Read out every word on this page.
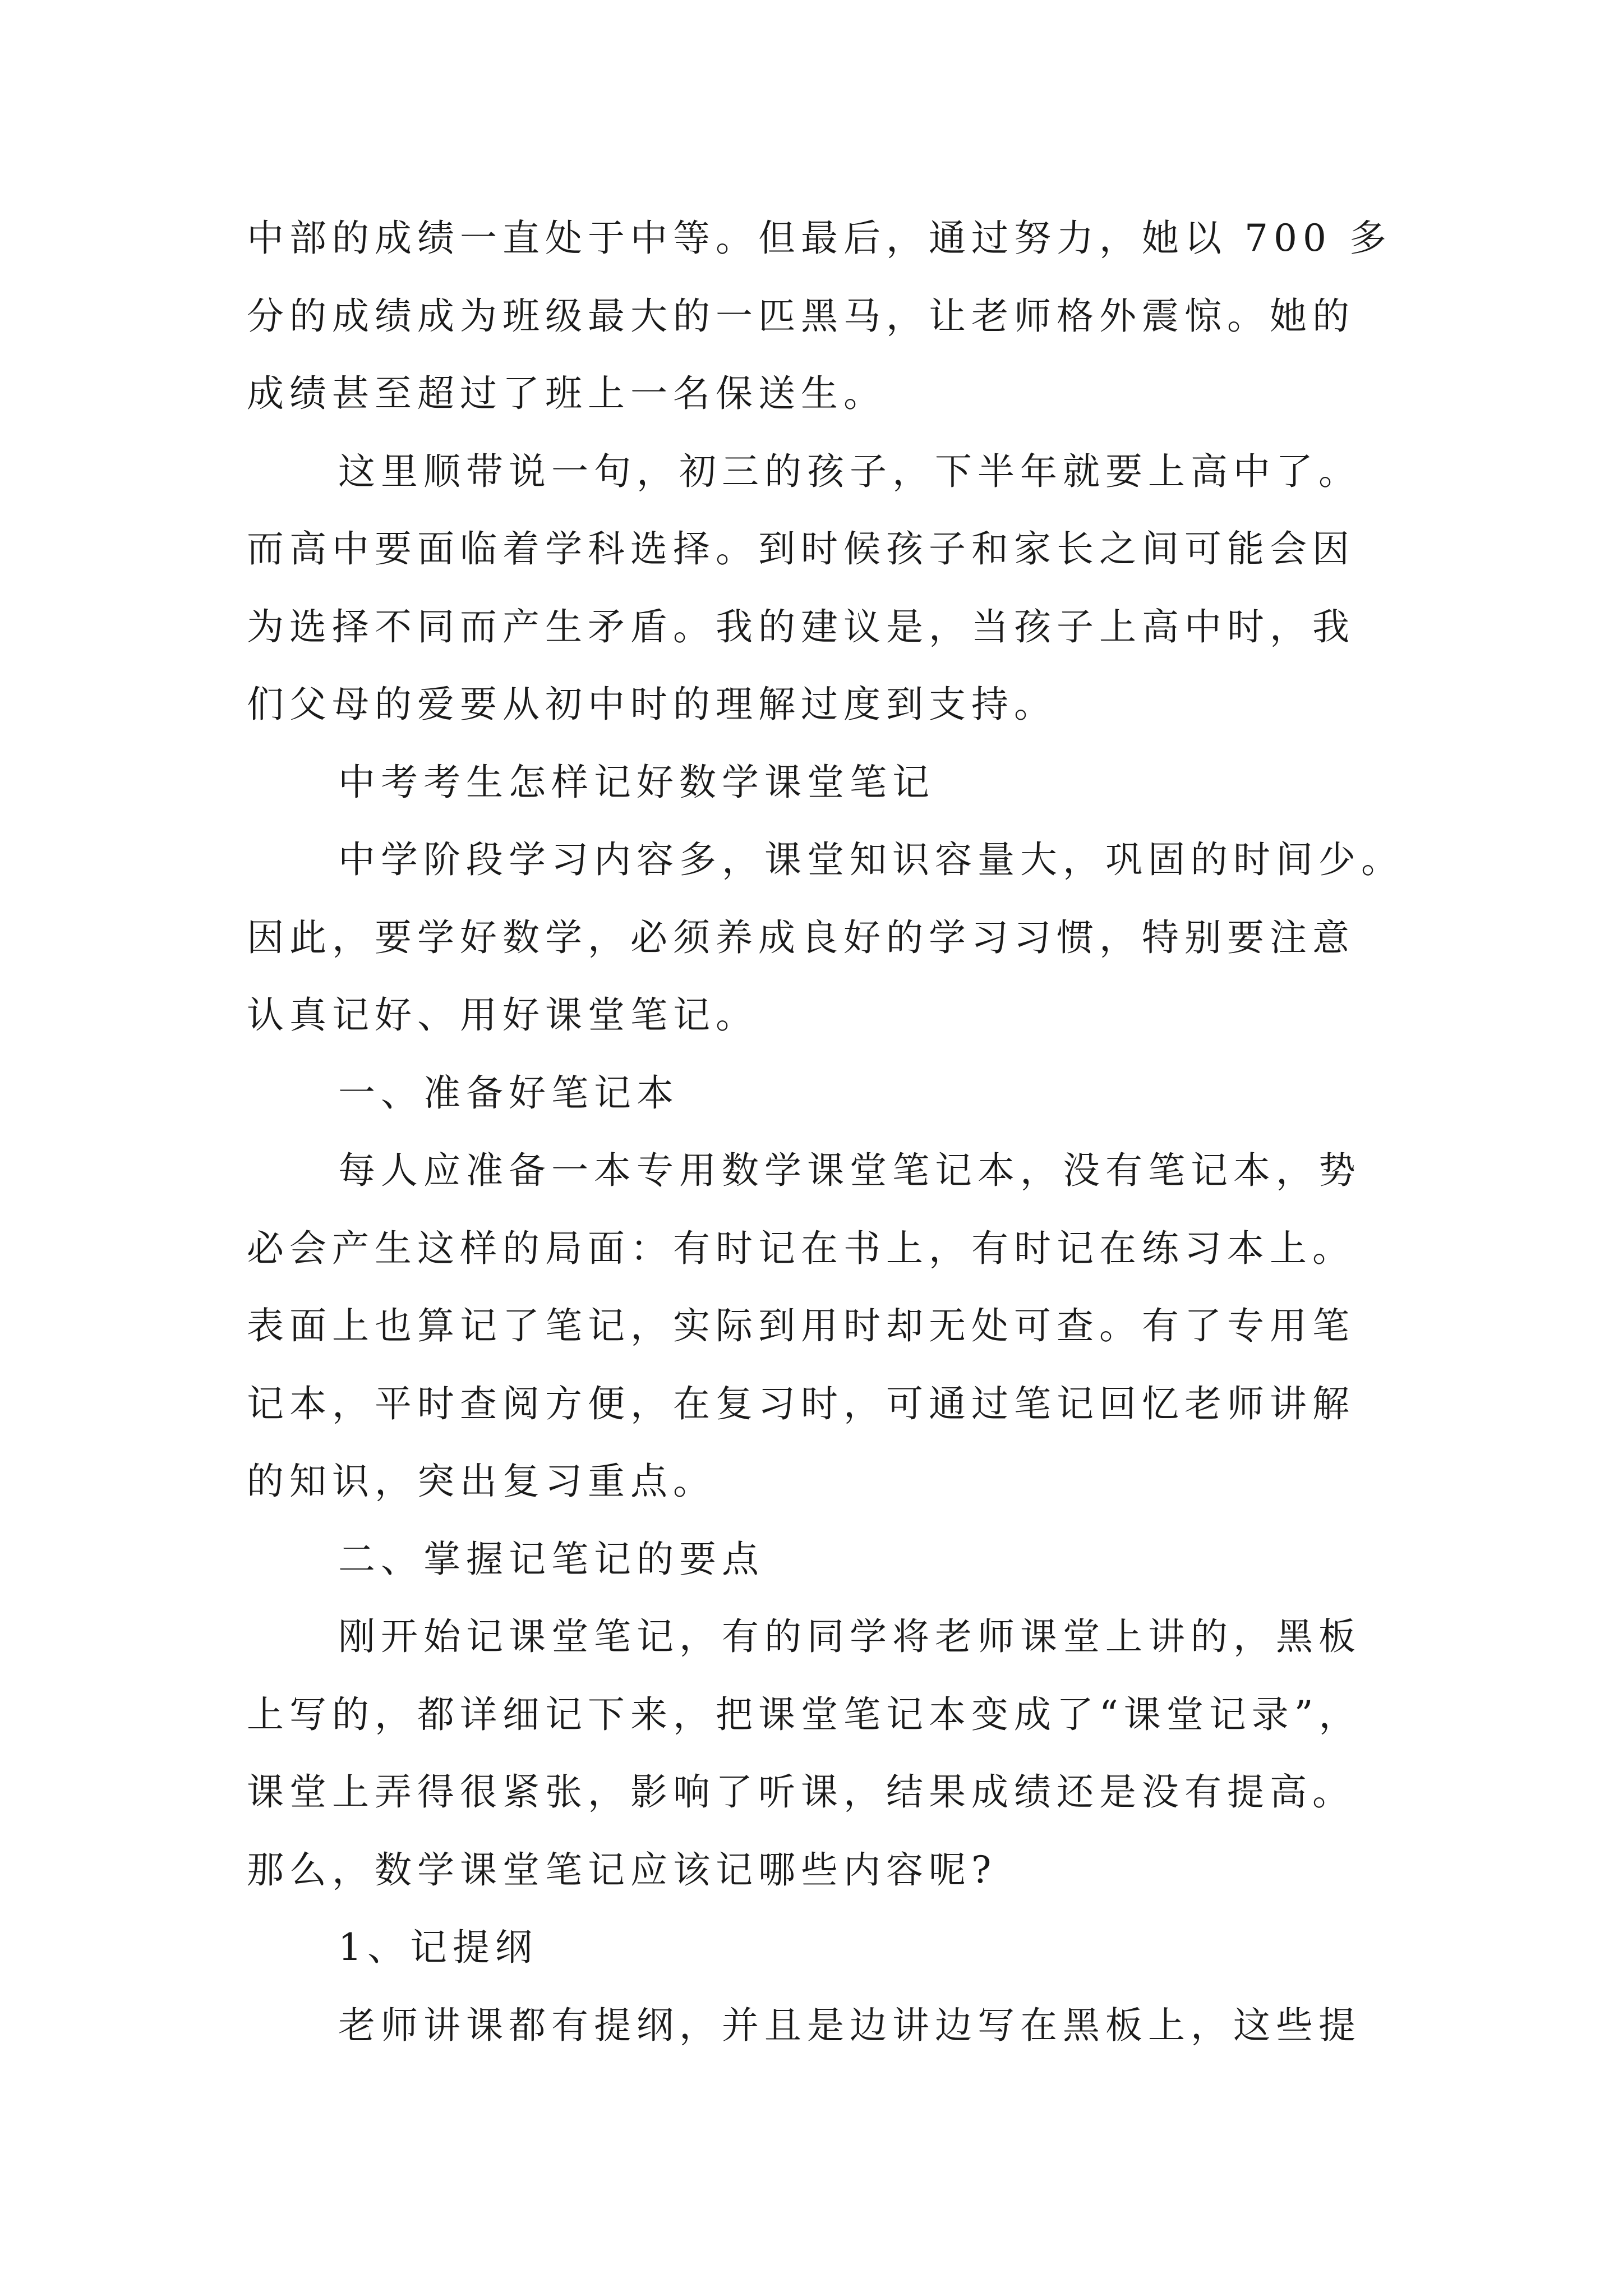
中部的成绩一直处于中等。但最后，通过努力，她以 700 多
分的成绩成为班级最大的一匹黑马，让老师格外震惊。她的
成绩甚至超过了班上一名保送生。
这里顺带说一句，初三的孩子，下半年就要上高中了。
而高中要面临着学科选择。到时候孩子和家长之间可能会因
为选择不同而产生矛盾。我的建议是，当孩子上高中时，我
们父母的爱要从初中时的理解过度到支持。
中考考生怎样记好数学课堂笔记
中学阶段学习内容多，课堂知识容量大，巩固的时间少。
因此，要学好数学，必须养成良好的学习习惯，特别要注意
认真记好、用好课堂笔记。
一、准备好笔记本
每人应准备一本专用数学课堂笔记本，没有笔记本，势
必会产生这样的局面：有时记在书上，有时记在练习本上。
表面上也算记了笔记，实际到用时却无处可查。有了专用笔
记本，平时查阅方便，在复习时，可通过笔记回忆老师讲解
的知识，突出复习重点。
二、掌握记笔记的要点
刚开始记课堂笔记，有的同学将老师课堂上讲的，黑板
上写的，都详细记下来，把课堂笔记本变成了“课堂记录”，
课堂上弄得很紧张，影响了听课，结果成绩还是没有提高。
那么，数学课堂笔记应该记哪些内容呢?
1、记提纲
老师讲课都有提纲，并且是边讲边写在黑板上，这些提
